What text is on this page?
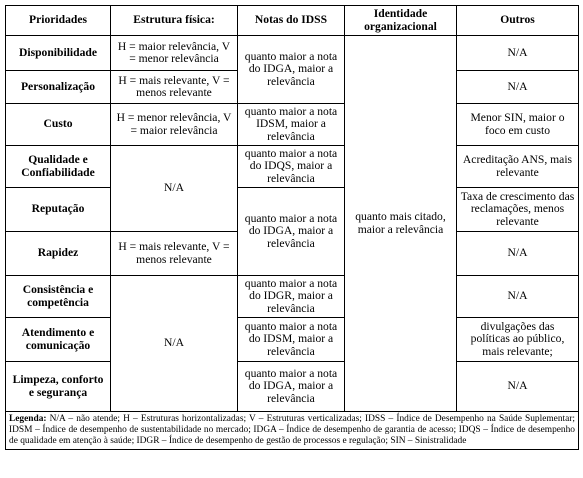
Prioridades	Estrutura física:	Notas do IDSS	Identidade organizacional	Outros
Disponibilidade	H = maior relevância, V = menor relevância	quanto maior a nota do IDGA, maior a relevância	quanto mais citado, maior a relevância	N/A
Personalização	H = mais relevante, V = menos relevante			N/A
Custo	H = menor relevância, V = maior relevância	quanto maior a nota IDSM, maior a relevância		Menor SIN, maior o foco em custo
Qualidade e Confiabilidade	N/A	quanto maior a nota do IDQS, maior a relevância		Acreditação ANS, mais relevante
Reputação		quanto maior a nota do IDGA, maior a relevância		Taxa de crescimento das reclamações, menos relevante
Rapidez	H = mais relevante, V = menos relevante			N/A
Consistência e competência	N/A	quanto maior a nota do IDGR, maior a relevância		N/A
Atendimento e comunicação		quanto maior a nota do IDSM, maior a relevância		divulgações das políticas ao público, mais relevante;
Limpeza, conforto e segurança		quanto maior a nota do IDGA, maior a relevância		N/A
Legenda: N/A – não atende; H – Estruturas horizontalizadas; V – Estruturas verticalizadas; IDSS – Índice de Desempenho na Saúde Suplementar; IDSM – Índice de desempenho de sustentabilidade no mercado; IDGA – Índice de desempenho de garantia de acesso; IDQS – Índice de desempenho de qualidade em atenção à saúde; IDGR – Índice de desempenho de gestão de processos e regulação; SIN – Sinistralidade				
